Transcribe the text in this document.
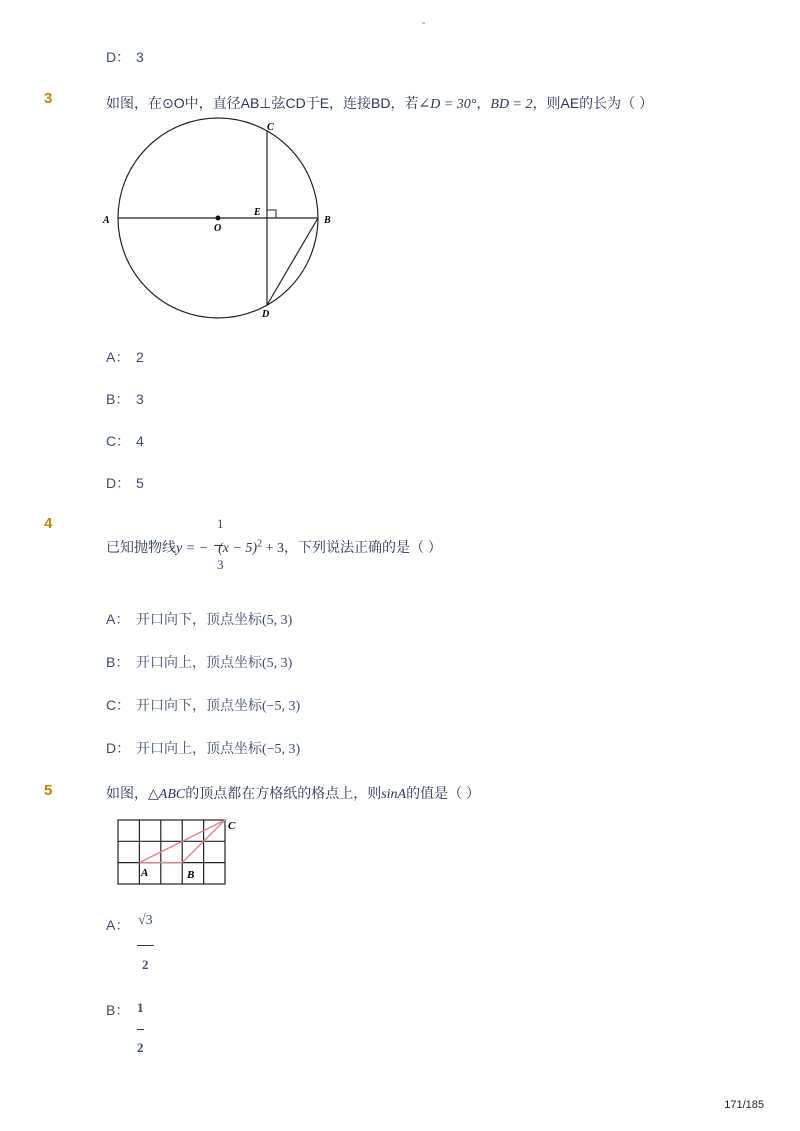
-
D： 3
3	如图，在⊙O中，直径AB⊥弦CD于E，连接BD，若∠D = 30°，BD = 2，则AE的长为（ ）
A	B
C
D
E
O
A： 2
B： 3
C： 4
D： 5
4	1
已知抛物线y = − $(x - 5)^2 + 3$，下列说法正确的是（ ）
3
A： 开口向下，顶点坐标(5, 3)
B： 开口向上，顶点坐标(5, 3)
C： 开口向下，顶点坐标(−5, 3)
D： 开口向上，顶点坐标(−5, 3)
5	如图，△ABC的顶点都在方格纸的格点上，则sinA的值是（ ）
A	B
C
A： √3
2
B： 1
2
171/185
